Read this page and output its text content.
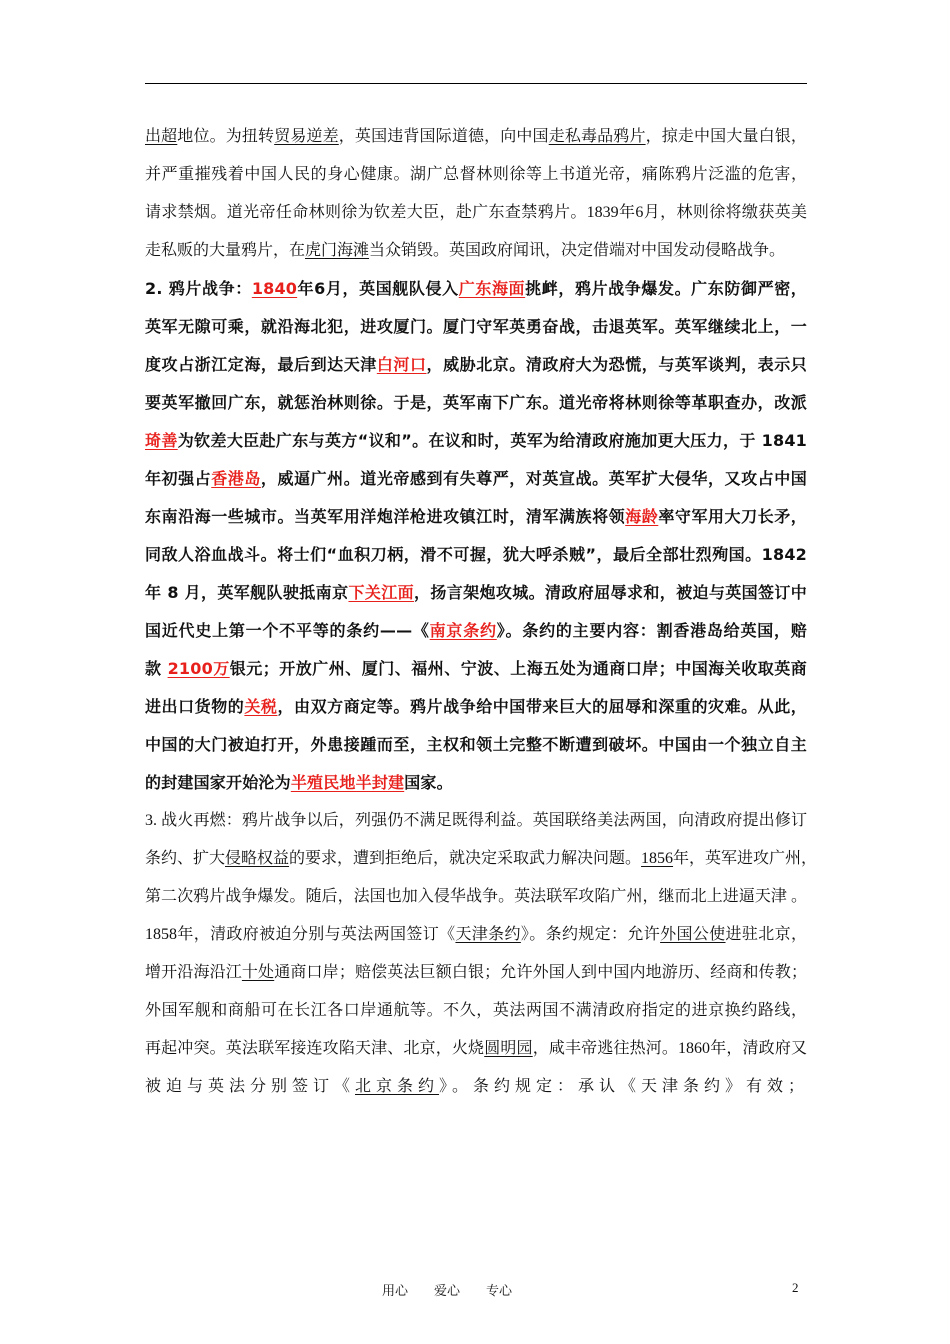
出超地位。为扭转贸易逆差，英国违背国际道德，向中国走私毒品鸦片，掠走中国大量白银，
并严重摧残着中国人民的身心健康。湖广总督林则徐等上书道光帝，痛陈鸦片泛滥的危害，
请求禁烟。道光帝任命林则徐为钦差大臣，赴广东查禁鸦片。1839年6月，林则徐将缴获英美
走私贩的大量鸦片，在虎门海滩当众销毁。英国政府闻讯，决定借端对中国发动侵略战争。
2. 鸦片战争：1840年6月，英国舰队侵入广东海面挑衅，鸦片战争爆发。广东防御严密，
英军无隙可乘，就沿海北犯，进攻厦门。厦门守军英勇奋战，击退英军。英军继续北上，一
度攻占浙江定海，最后到达天津白河口，威胁北京。清政府大为恐慌，与英军谈判，表示只
要英军撤回广东，就惩治林则徐。于是，英军南下广东。道光帝将林则徐等革职查办，改派
琦善为钦差大臣赴广东与英方“议和”。在议和时，英军为给清政府施加更大压力，于 1841
年初强占香港岛，威逼广州。道光帝感到有失尊严，对英宣战。英军扩大侵华，又攻占中国
东南沿海一些城市。当英军用洋炮洋枪进攻镇江时，清军满族将领海龄率守军用大刀长矛，
同敌人浴血战斗。将士们“血积刀柄，滑不可握，犹大呼杀贼”，最后全部壮烈殉国。1842
年 8 月，英军舰队驶抵南京下关江面，扬言架炮攻城。清政府屈辱求和，被迫与英国签订中
国近代史上第一个不平等的条约——《南京条约》。条约的主要内容：割香港岛给英国，赔
款 2100万银元；开放广州、厦门、福州、宁波、上海五处为通商口岸；中国海关收取英商
进出口货物的关税，由双方商定等。鸦片战争给中国带来巨大的屈辱和深重的灾难。从此，
中国的大门被迫打开，外患接踵而至，主权和领土完整不断遭到破坏。中国由一个独立自主
的封建国家开始沦为半殖民地半封建国家。
3. 战火再燃：鸦片战争以后，列强仍不满足既得利益。英国联络美法两国，向清政府提出修订
条约、扩大侵略权益的要求，遭到拒绝后，就决定采取武力解决问题。1856年，英军进攻广州，
第二次鸦片战争爆发。随后，法国也加入侵华战争。英法联军攻陷广州，继而北上进逼天津 。
1858年，清政府被迫分别与英法两国签订《天津条约》。条约规定：允许外国公使进驻北京，
增开沿海沿江十处通商口岸；赔偿英法巨额白银；允许外国人到中国内地游历、经商和传教；
外国军舰和商船可在长江各口岸通航等。不久，英法两国不满清政府指定的进京换约路线，
再起冲突。英法联军接连攻陷天津、北京，火烧圆明园，咸丰帝逃往热河。1860年，清政府又
被迫与英法分别签订《北京条约》。条约规定：承认《天津条约》有效；
用心 爱心 专心	2
